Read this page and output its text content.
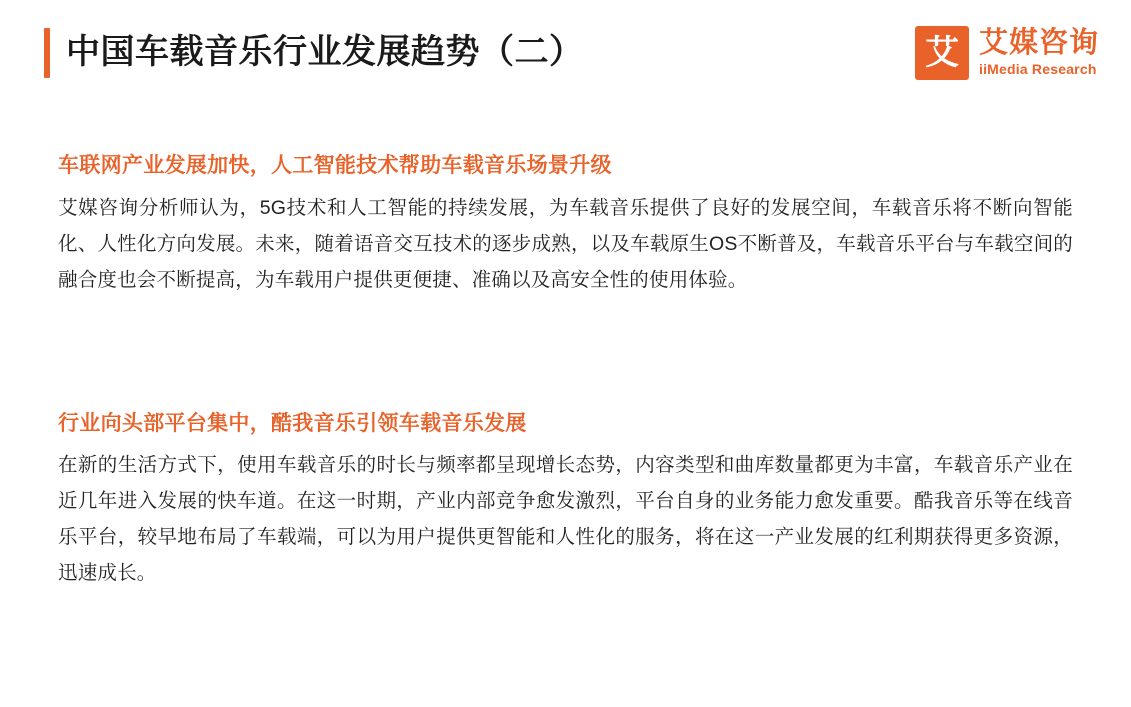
中国车载音乐行业发展趋势（二）	艾 艾媒咨询
iiMedia Research
车联网产业发展加快，人工智能技术帮助车载音乐场景升级
艾媒咨询分析师认为，5G技术和人工智能的持续发展，为车载音乐提供了良好的发展空间，车载音乐将不断向智能化、人性化方向发展。未来，随着语音交互技术的逐步成熟，以及车载原生OS不断普及，车载音乐平台与车载空间的融合度也会不断提高，为车载用户提供更便捷、准确以及高安全性的使用体验。
行业向头部平台集中，酷我音乐引领车载音乐发展
在新的生活方式下，使用车载音乐的时长与频率都呈现增长态势，内容类型和曲库数量都更为丰富，车载音乐产业在近几年进入发展的快车道。在这一时期，产业内部竞争愈发激烈，平台自身的业务能力愈发重要。酷我音乐等在线音乐平台，较早地布局了车载端，可以为用户提供更智能和人性化的服务，将在这一产业发展的红利期获得更多资源，迅速成长。
